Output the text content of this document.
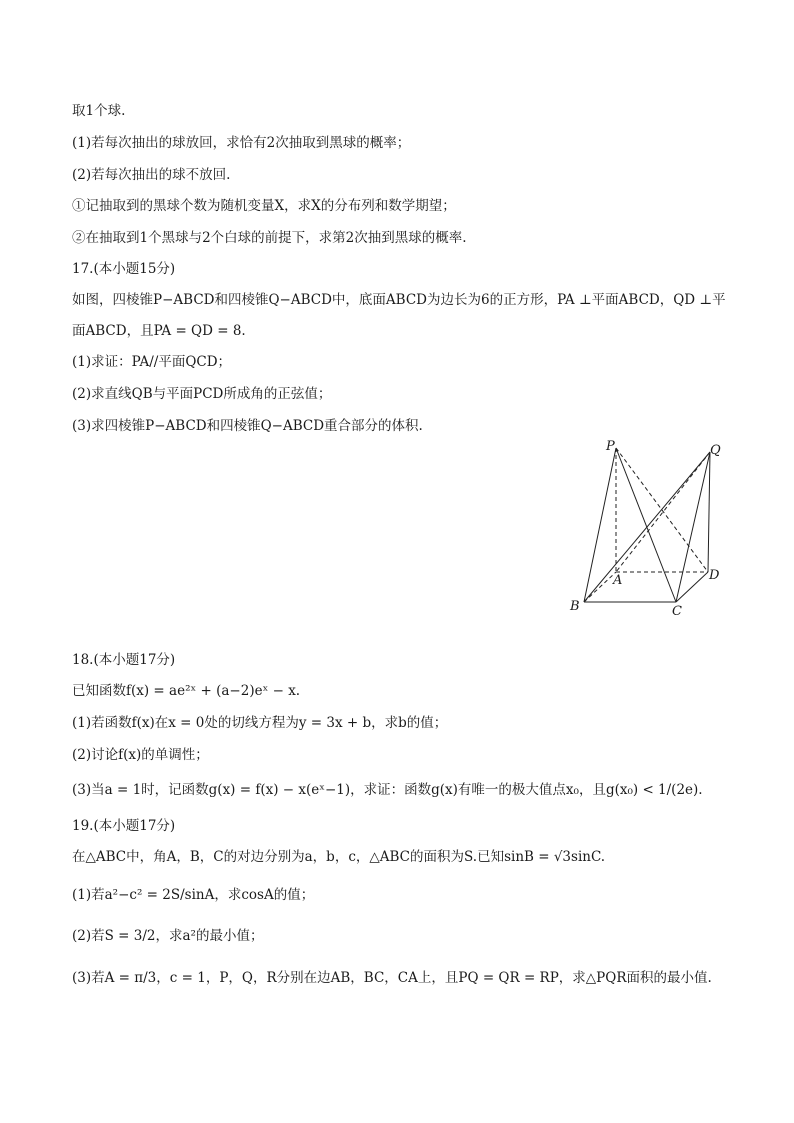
取1个球.
(1)若每次抽出的球放回，求恰有2次抽取到黑球的概率；
(2)若每次抽出的球不放回.
①记抽取到的黑球个数为随机变量X，求X的分布列和数学期望；
②在抽取到1个黑球与2个白球的前提下，求第2次抽到黑球的概率.
17.(本小题15分)
如图，四棱锥P−ABCD和四棱锥Q−ABCD中，底面ABCD为边长为6的正方形，PA ⊥平面ABCD，QD ⊥平
面ABCD，且PA = QD = 8.
(1)求证：PA//平面QCD；
(2)求直线QB与平面PCD所成角的正弦值；
(3)求四棱锥P−ABCD和四棱锥Q−ABCD重合部分的体积.
P	Q
A
B	C
D
18.(本小题17分)
已知函数f(x) = ae²ˣ + (a−2)eˣ − x.
(1)若函数f(x)在x = 0处的切线方程为y = 3x + b，求b的值；
(2)讨论f(x)的单调性；
(3)当a = 1时，记函数g(x) = f(x) − x(eˣ−1)，求证：函数g(x)有唯一的极大值点x₀，且g(x₀) < 1/(2e).
19.(本小题17分)
在△ABC中，角A，B，C的对边分别为a，b，c，△ABC的面积为S.已知sinB = √3sinC.
(1)若a²−c² = 2S/sinA，求cosA的值；
(2)若S = 3/2，求a²的最小值；
(3)若A = π/3，c = 1，P，Q，R分别在边AB，BC，CA上，且PQ = QR = RP，求△PQR面积的最小值.
